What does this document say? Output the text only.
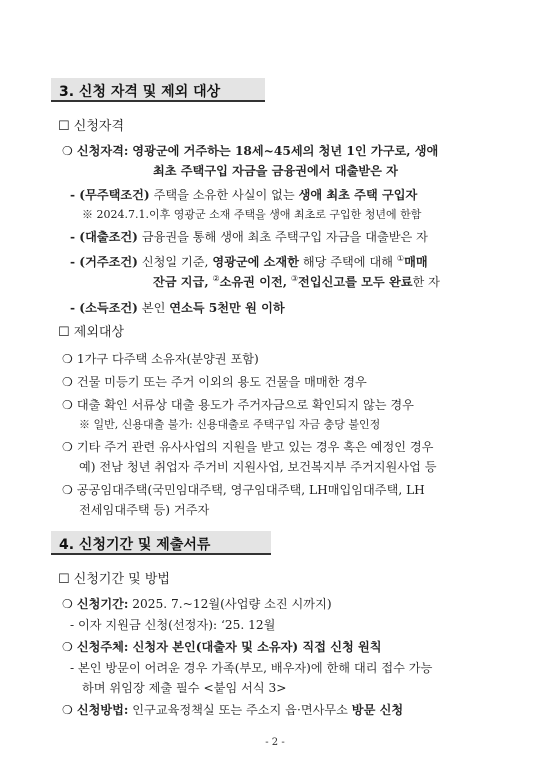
3. 신청 자격 및 제외 대상
☐ 신청자격
❍ 신청자격: 영광군에 거주하는 18세~45세의 청년 1인 가구로, 생애
최초 주택구입 자금을 금융권에서 대출받은 자
- (무주택조건) 주택을 소유한 사실이 없는 생애 최초 주택 구입자
※ 2024.7.1.이후 영광군 소재 주택을 생애 최초로 구입한 청년에 한함
- (대출조건) 금융권을 통해 생애 최초 주택구입 자금을 대출받은 자
- (거주조건) 신청일 기준, 영광군에 소재한 해당 주택에 대해 ①매매
잔금 지급, ②소유권 이전, ③전입신고를 모두 완료한 자
- (소득조건) 본인 연소득 5천만 원 이하
☐ 제외대상
❍ 1가구 다주택 소유자(분양권 포함)
❍ 건물 미등기 또는 주거 이외의 용도 건물을 매매한 경우
❍ 대출 확인 서류상 대출 용도가 주거자금으로 확인되지 않는 경우
※ 일반, 신용대출 불가: 신용대출로 주택구입 자금 충당 불인정
❍ 기타 주거 관련 유사사업의 지원을 받고 있는 경우 혹은 예정인 경우
예) 전남 청년 취업자 주거비 지원사업, 보건복지부 주거지원사업 등
❍ 공공임대주택(국민임대주택, 영구임대주택, LH매입임대주택, LH
전세임대주택 등) 거주자
4. 신청기간 및 제출서류
☐ 신청기간 및 방법
❍ 신청기간: 2025. 7.~12월(사업량 소진 시까지)
- 이자 지원금 신청(선정자): ‘25. 12월
❍ 신청주체: 신청자 본인(대출자 및 소유자) 직접 신청 원칙
- 본인 방문이 어려운 경우 가족(부모, 배우자)에 한해 대리 접수 가능
하며 위임장 제출 필수 <붙임 서식 3>
❍ 신청방법: 인구교육정책실 또는 주소지 읍·면사무소 방문 신청
- 2 -
